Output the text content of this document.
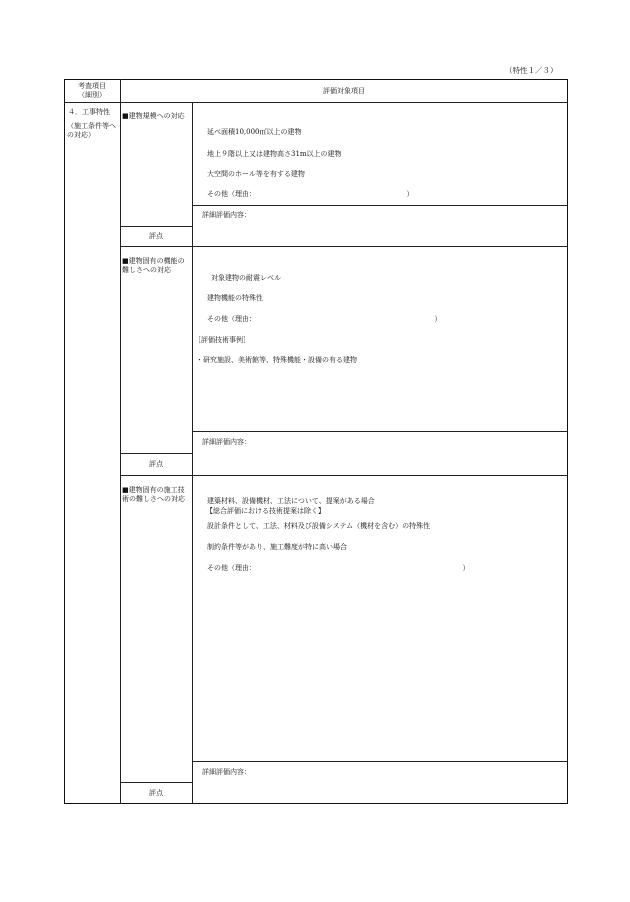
（特性１／３）
考査項目
（細別）	評価対象項目
４．工事特性
（施工条件等への対応）
■建物規模への対応
延べ面積10,000㎡以上の建物
地上９階以上又は建物高さ31m以上の建物
大空間のホール等を有する建物
その他（理由：　　　　　　　　　　　　　　　　　　　　　　）
詳細評価内容：
評点
■建物固有の機能の難しさへの対応
対象建物の耐震レベル
建物機能の特殊性
その他（理由：　　　　　　　　　　　　　　　　　　　　　　　　　　）
［評価技術事例］
・研究施設、美術館等、特殊機能・設備の有る建物
詳細評価内容：
評点
■建物固有の施工技術の難しさへの対応	建築材料、設備機材、工法について、提案がある場合
【総合評価における技術提案は除く】
設計条件として、工法、材料及び設備システム（機材を含む）の特殊性
制約条件等があり、施工難度が特に高い場合
その他（理由：　　　　　　　　　　　　　　　　　　　　　　　　　　　　　　）
詳細評価内容：
評点
